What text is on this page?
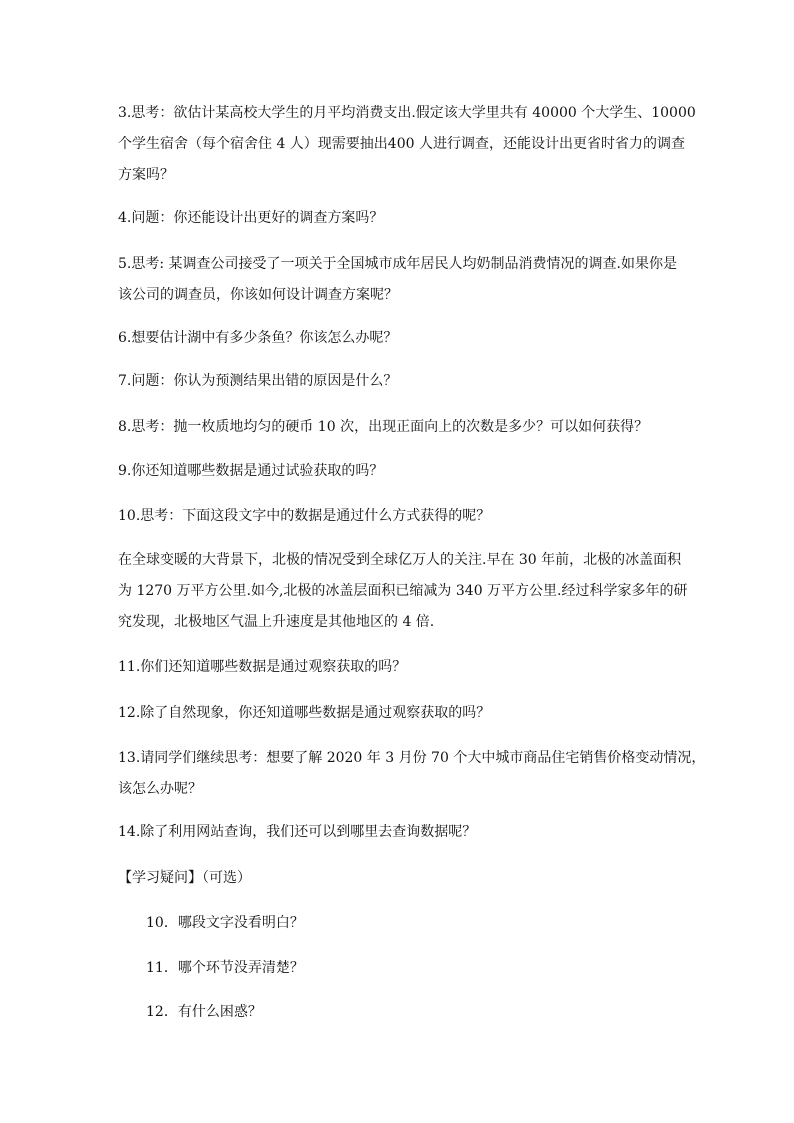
3.思考：欲估计某高校大学生的月平均消费支出.假定该大学里共有 40000 个大学生、10000
个学生宿舍（每个宿舍住 4 人）现需要抽出400 人进行调查，还能设计出更省时省力的调查
方案吗？
4.问题：你还能设计出更好的调查方案吗？
5.思考: 某调查公司接受了一项关于全国城市成年居民人均奶制品消费情况的调查.如果你是
该公司的调查员，你该如何设计调查方案呢？
6.想要估计湖中有多少条鱼？你该怎么办呢？
7.问题：你认为预测结果出错的原因是什么？
8.思考：抛一枚质地均匀的硬币 10 次，出现正面向上的次数是多少？可以如何获得？
9.你还知道哪些数据是通过试验获取的吗？
10.思考：下面这段文字中的数据是通过什么方式获得的呢？
在全球变暖的大背景下，北极的情况受到全球亿万人的关注.早在 30 年前，北极的冰盖面积
为 1270 万平方公里.如今,北极的冰盖层面积已缩减为 340 万平方公里.经过科学家多年的研
究发现，北极地区气温上升速度是其他地区的 4 倍.
11.你们还知道哪些数据是通过观察获取的吗？
12.除了自然现象，你还知道哪些数据是通过观察获取的吗？
13.请同学们继续思考：想要了解 2020 年 3 月份 70 个大中城市商品住宅销售价格变动情况，
该怎么办呢？
14.除了利用网站查询，我们还可以到哪里去查询数据呢？
【学习疑问】（可选）
10．哪段文字没看明白？
11．哪个环节没弄清楚？
12．有什么困惑？
